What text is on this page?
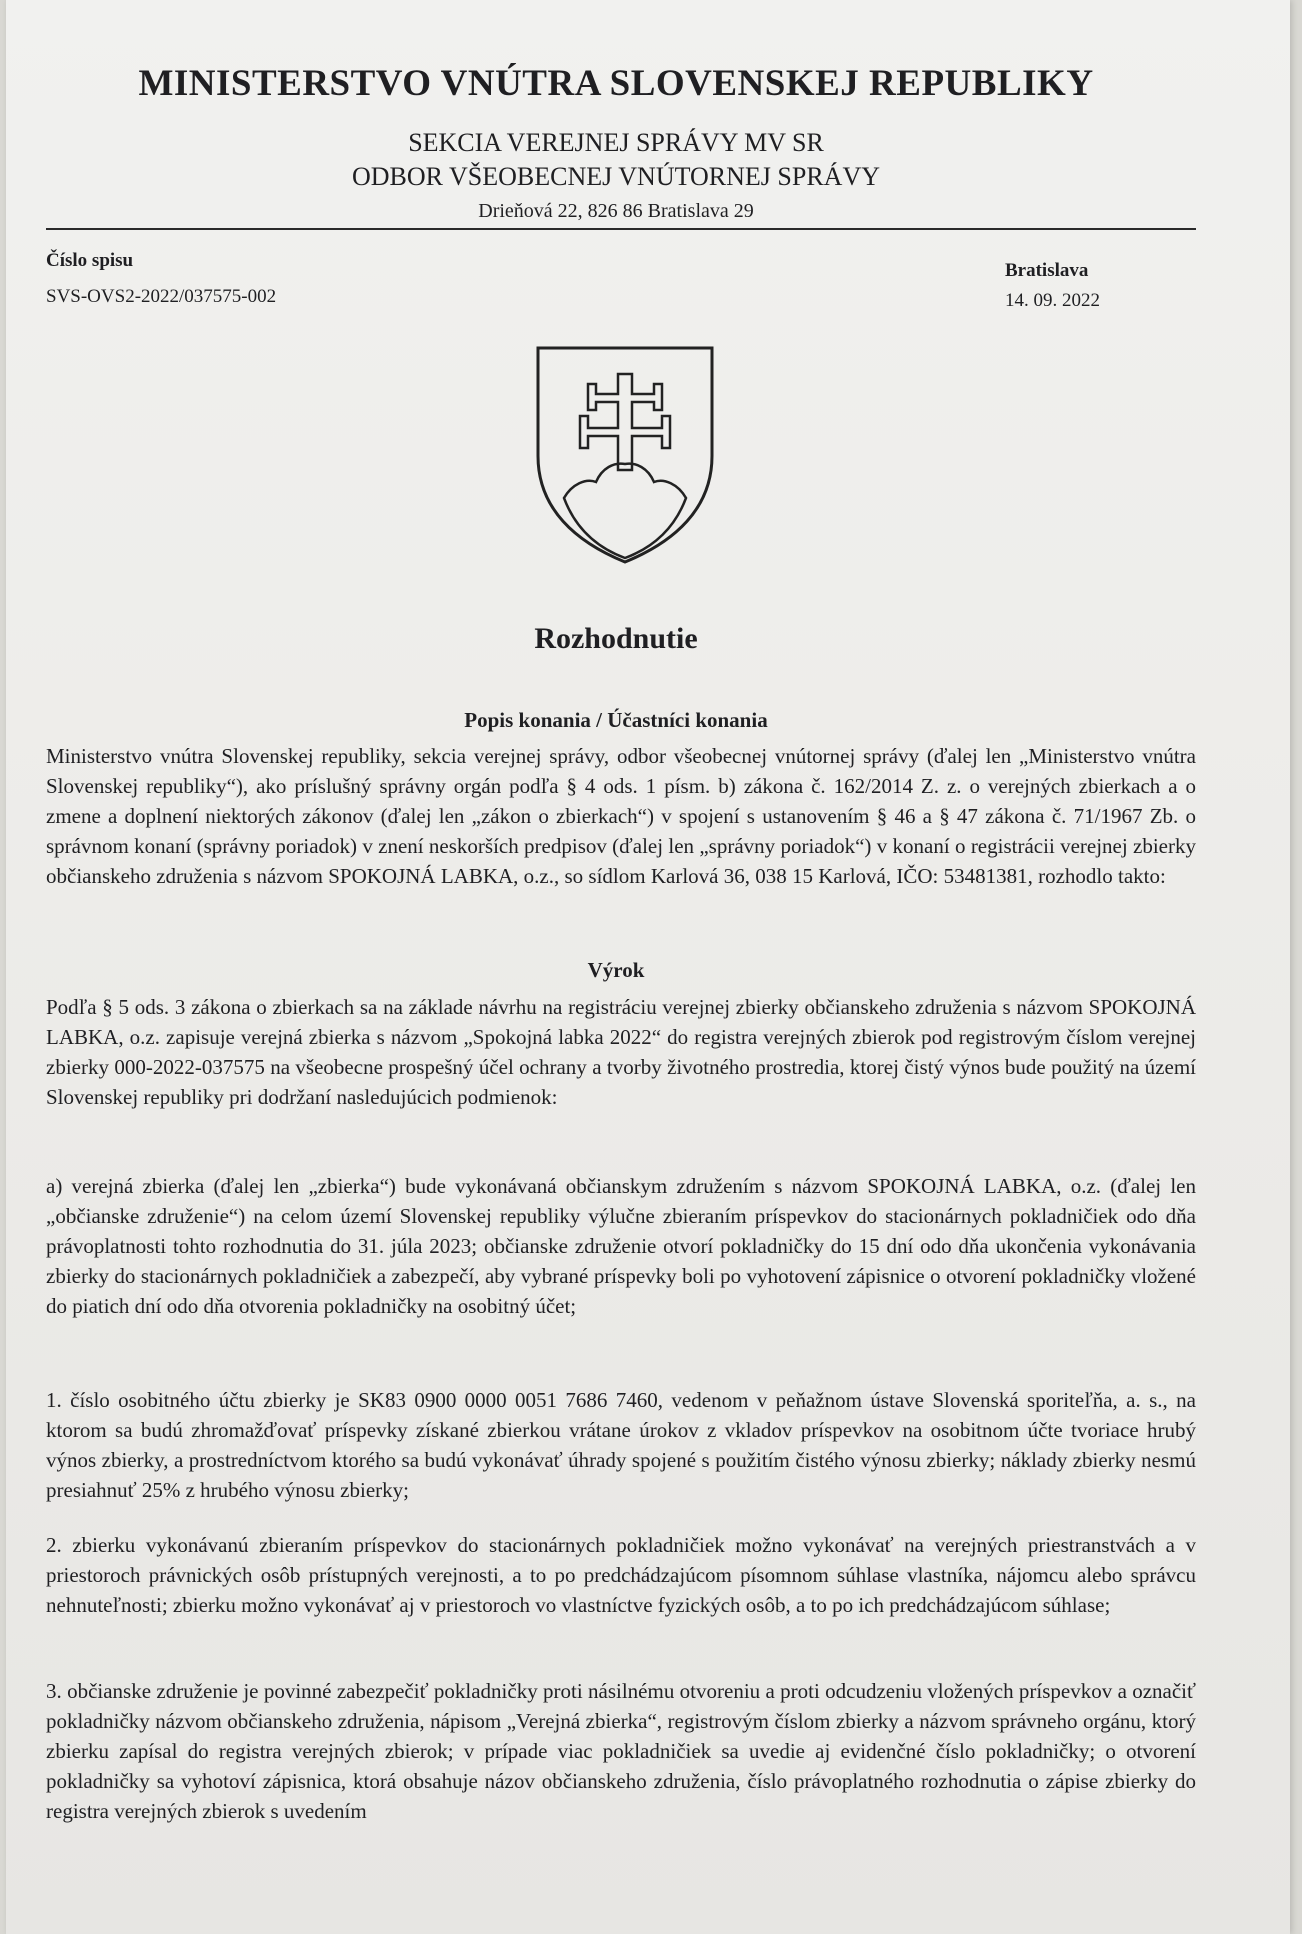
MINISTERSTVO VNÚTRA SLOVENSKEJ REPUBLIKY
SEKCIA VEREJNEJ SPRÁVY MV SR
ODBOR VŠEOBECNEJ VNÚTORNEJ SPRÁVY
Drieňová 22, 826 86 Bratislava 29
Číslo spisu
SVS-OVS2-2022/037575-002
Bratislava
14. 09. 2022
Rozhodnutie
Popis konania / Účastníci konania
Ministerstvo vnútra Slovenskej republiky, sekcia verejnej správy, odbor všeobecnej vnútornej správy (ďalej len „Ministerstvo vnútra Slovenskej republiky“), ako príslušný správny orgán podľa § 4 ods. 1 písm. b) zákona č. 162/2014 Z. z. o verejných zbierkach a o zmene a doplnení niektorých zákonov (ďalej len „zákon o zbierkach“) v spojení s ustanovením § 46 a § 47 zákona č. 71/1967 Zb. o správnom konaní (správny poriadok) v znení neskorších predpisov (ďalej len „správny poriadok“) v konaní o registrácii verejnej zbierky občianskeho združenia s názvom SPOKOJNÁ LABKA, o.z., so sídlom Karlová 36, 038 15 Karlová, IČO: 53481381, rozhodlo takto:
Výrok
Podľa § 5 ods. 3 zákona o zbierkach sa na základe návrhu na registráciu verejnej zbierky občianskeho združenia s názvom SPOKOJNÁ LABKA, o.z. zapisuje verejná zbierka s názvom „Spokojná labka 2022“ do registra verejných zbierok pod registrovým číslom verejnej zbierky 000-2022-037575 na všeobecne prospešný účel ochrany a tvorby životného prostredia, ktorej čistý výnos bude použitý na území Slovenskej republiky pri dodržaní nasledujúcich podmienok:
a) verejná zbierka (ďalej len „zbierka“) bude vykonávaná občianskym združením s názvom SPOKOJNÁ LABKA, o.z. (ďalej len „občianske združenie“) na celom území Slovenskej republiky výlučne zbieraním príspevkov do stacionárnych pokladničiek odo dňa právoplatnosti tohto rozhodnutia do 31. júla 2023; občianske združenie otvorí pokladničky do 15 dní odo dňa ukončenia vykonávania zbierky do stacionárnych pokladničiek a zabezpečí, aby vybrané príspevky boli po vyhotovení zápisnice o otvorení pokladničky vložené do piatich dní odo dňa otvorenia pokladničky na osobitný účet;
1. číslo osobitného účtu zbierky je SK83 0900 0000 0051 7686 7460, vedenom v peňažnom ústave Slovenská sporiteľňa, a. s., na ktorom sa budú zhromažďovať príspevky získané zbierkou vrátane úrokov z vkladov príspevkov na osobitnom účte tvoriace hrubý výnos zbierky, a prostredníctvom ktorého sa budú vykonávať úhrady spojené s použitím čistého výnosu zbierky; náklady zbierky nesmú presiahnuť 25% z hrubého výnosu zbierky;
2. zbierku vykonávanú zbieraním príspevkov do stacionárnych pokladničiek možno vykonávať na verejných priestranstvách a v priestoroch právnických osôb prístupných verejnosti, a to po predchádzajúcom písomnom súhlase vlastníka, nájomcu alebo správcu nehnuteľnosti; zbierku možno vykonávať aj v priestoroch vo vlastníctve fyzických osôb, a to po ich predchádzajúcom súhlase;
3. občianske združenie je povinné zabezpečiť pokladničky proti násilnému otvoreniu a proti odcudzeniu vložených príspevkov a označiť pokladničky názvom občianskeho združenia, nápisom „Verejná zbierka“, registrovým číslom zbierky a názvom správneho orgánu, ktorý zbierku zapísal do registra verejných zbierok; v prípade viac pokladničiek sa uvedie aj evidenčné číslo pokladničky; o otvorení pokladničky sa vyhotoví zápisnica, ktorá obsahuje názov občianskeho združenia, číslo právoplatného rozhodnutia o zápise zbierky do registra verejných zbierok s uvedením
